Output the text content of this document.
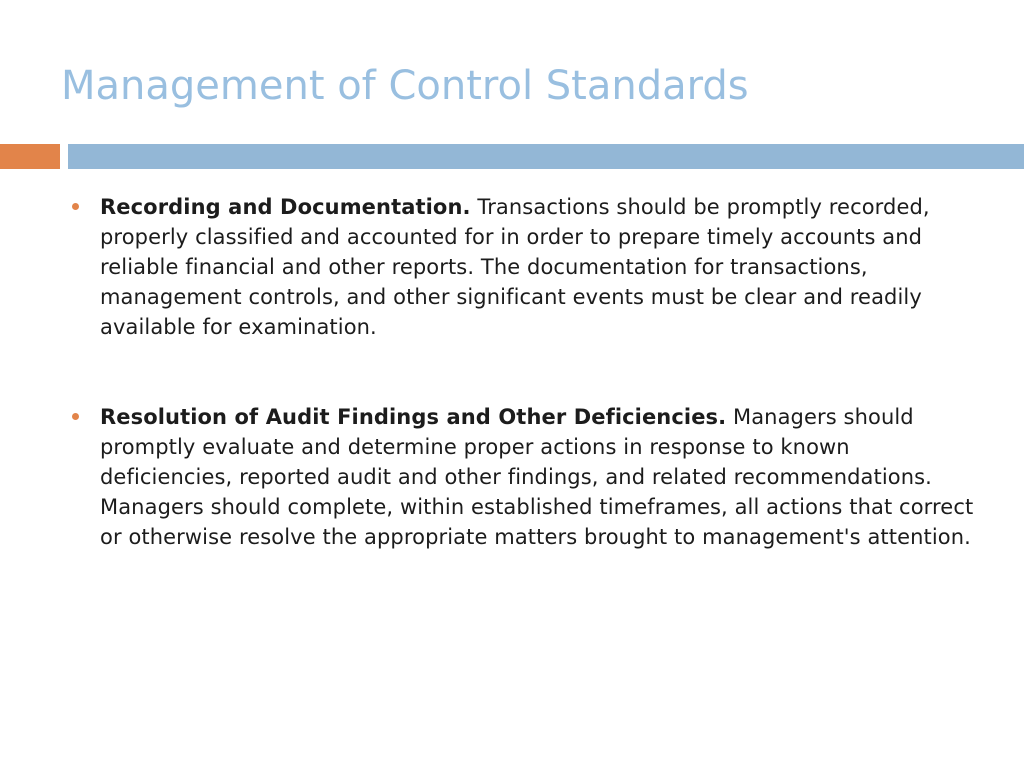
Management of Control Standards
Recording and Documentation. Transactions should be promptly recorded, properly classified and accounted for in order to prepare timely accounts and reliable financial and other reports. The documentation for transactions, management controls, and other significant events must be clear and readily available for examination.
Resolution of Audit Findings and Other Deficiencies. Managers should promptly evaluate and determine proper actions in response to known deficiencies, reported audit and other findings, and related recommendations. Managers should complete, within established timeframes, all actions that correct or otherwise resolve the appropriate matters brought to management's attention.
